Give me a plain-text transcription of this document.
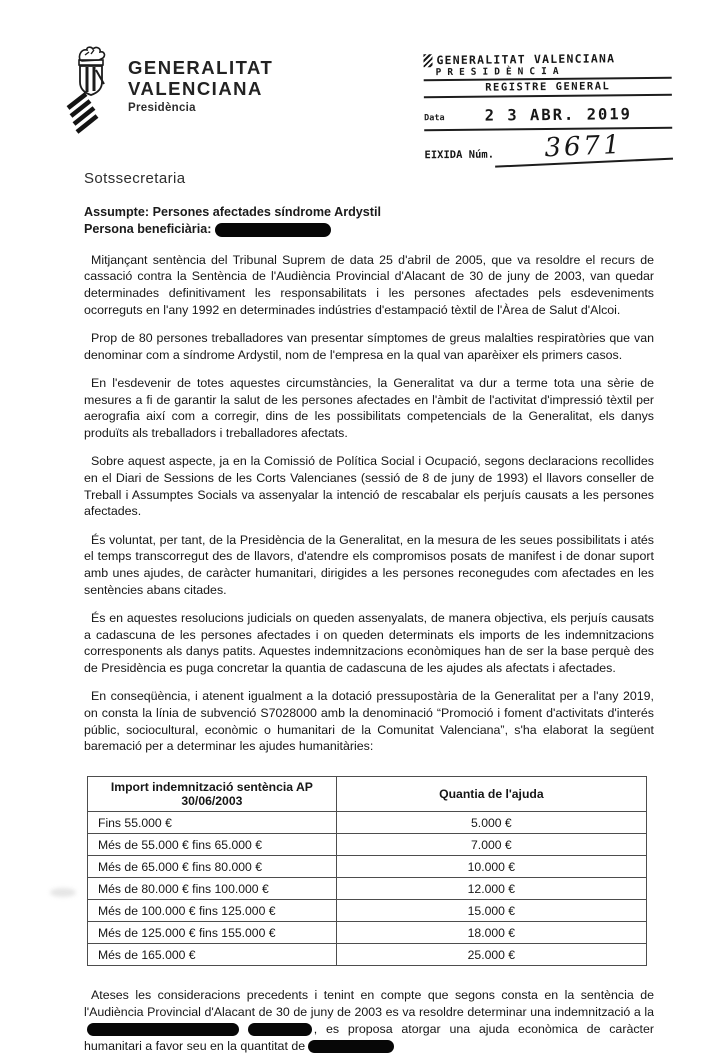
GENERALITAT
VALENCIANA
Presidència
GENERALITAT VALENCIANA
PRESIDÈNCIA
REGISTRE GENERAL
Data	2 3 ABR. 2019
EIXIDA Núm.	3671
Sotssecretaria
Assumpte: Persones afectades síndrome Ardystil
Persona beneficiària:

Mitjançant sentència del Tribunal Suprem de data 25 d'abril de 2005, que va resoldre el recurs de cassació contra la Sentència de l'Audiència Provincial d'Alacant de 30 de juny de 2003, van quedar determinades definitivament les responsabilitats i les persones afectades pels esdeveniments ocorreguts en l'any 1992 en determinades indústries d'estampació tèxtil de l'Àrea de Salut d'Alcoi.

Prop de 80 persones treballadores van presentar símptomes de greus malalties respiratòries que van denominar com a síndrome Ardystil, nom de l'empresa en la qual van aparèixer els primers casos.

En l'esdevenir de totes aquestes circumstàncies, la Generalitat va dur a terme tota una sèrie de mesures a fi de garantir la salut de les persones afectades en l'àmbit de l'activitat d'impressió tèxtil per aerografia així com a corregir, dins de les possibilitats competencials de la Generalitat, els danys produïts als treballadors i treballadores afectats.

Sobre aquest aspecte, ja en la Comissió de Política Social i Ocupació, segons declaracions recollides en el Diari de Sessions de les Corts Valencianes (sessió de 8 de juny de 1993) el llavors conseller de Treball i Assumptes Socials va assenyalar la intenció de rescabalar els perjuís causats a les persones afectades.

És voluntat, per tant, de la Presidència de la Generalitat, en la mesura de les seues possibilitats i atés el temps transcorregut des de llavors, d'atendre els compromisos posats de manifest i de donar suport amb unes ajudes, de caràcter humanitari, dirigides a les persones reconegudes com afectades en les sentències abans citades.

És en aquestes resolucions judicials on queden assenyalats, de manera objectiva, els perjuís causats a cadascuna de les persones afectades i on queden determinats els imports de les indemnitzacions corresponents als danys patits. Aquestes indemnitzacions econòmiques han de ser la base perquè des de Presidència es puga concretar la quantia de cadascuna de les ajudes als afectats i afectades.

En conseqüència, i atenent igualment a la dotació pressupostària de la Generalitat per a l'any 2019, on consta la línia de subvenció S7028000 amb la denominació “Promoció i foment d'activitats d'interés públic, sociocultural, econòmic o humanitari de la Comunitat Valenciana”, s'ha elaborat la següent baremació per a determinar les ajudes humanitàries:

Import indemnització sentència AP 30/06/2003	Quantia de l'ajuda
Fins 55.000 €	5.000 €
Més de 55.000 € fins 65.000 €	7.000 €
Més de 65.000 € fins 80.000 €	10.000 €
Més de 80.000 € fins 100.000 €	12.000 €
Més de 100.000 € fins 125.000 €	15.000 €
Més de 125.000 € fins 155.000 €	18.000 €
Més de 165.000 €	25.000 €

Ateses les consideracions precedents i tenint en compte que segons consta en la sentència de l'Audiència Provincial d'Alacant de 30 de juny de 2003 es va resoldre determinar una indemnització a la , es proposa atorgar una ajuda econòmica de caràcter humanitari a favor seu en la quantitat de
